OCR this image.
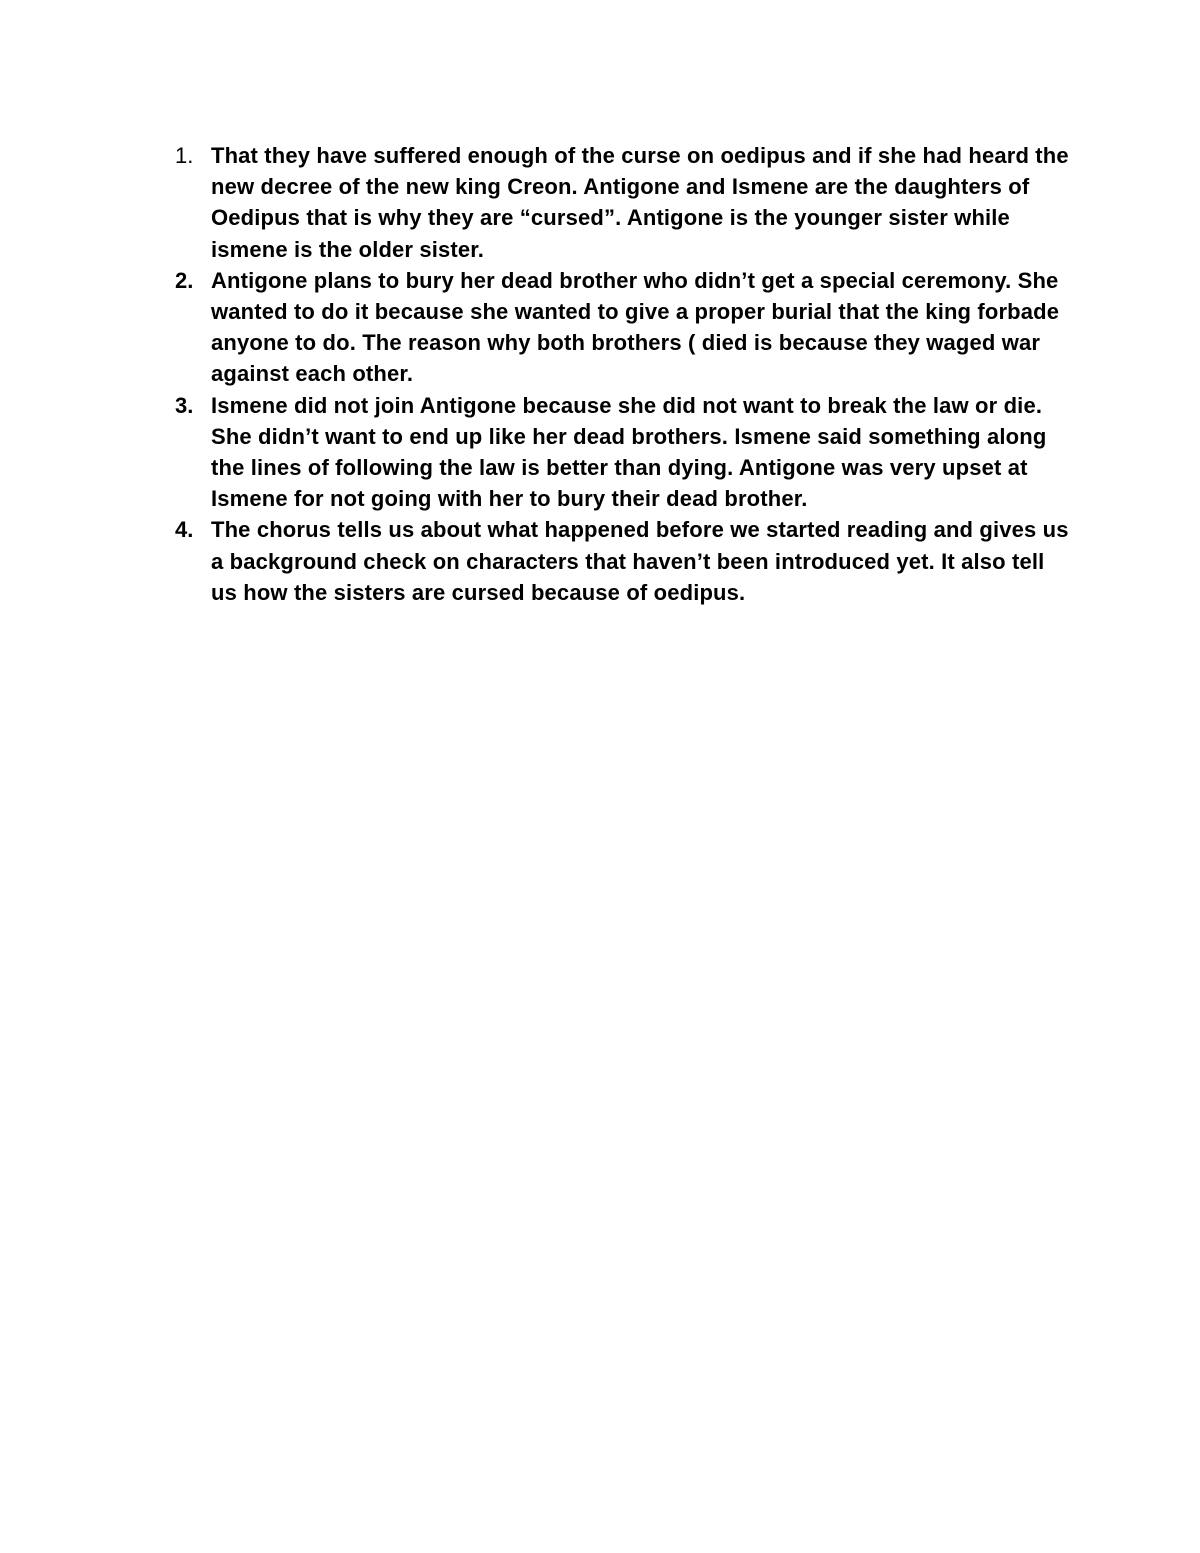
1. That they have suffered enough of the curse on oedipus and if she had heard the new decree of the new king Creon. Antigone and Ismene are the daughters of Oedipus that is why they are “cursed”. Antigone is the younger sister while ismene is the older sister.
2. Antigone plans to bury her dead brother who didn’t get a special ceremony. She wanted to do it because she wanted to give a proper burial that the king forbade anyone to do. The reason why both brothers ( died is because they waged war against each other.
3. Ismene did not join Antigone because she did not want to break the law or die. She didn’t want to end up like her dead brothers. Ismene said something along the lines of following the law is better than dying. Antigone was very upset at Ismene for not going with her to bury their dead brother.
4. The chorus tells us about what happened before we started reading and gives us a background check on characters that haven’t been introduced yet. It also tell us how the sisters are cursed because of oedipus.
